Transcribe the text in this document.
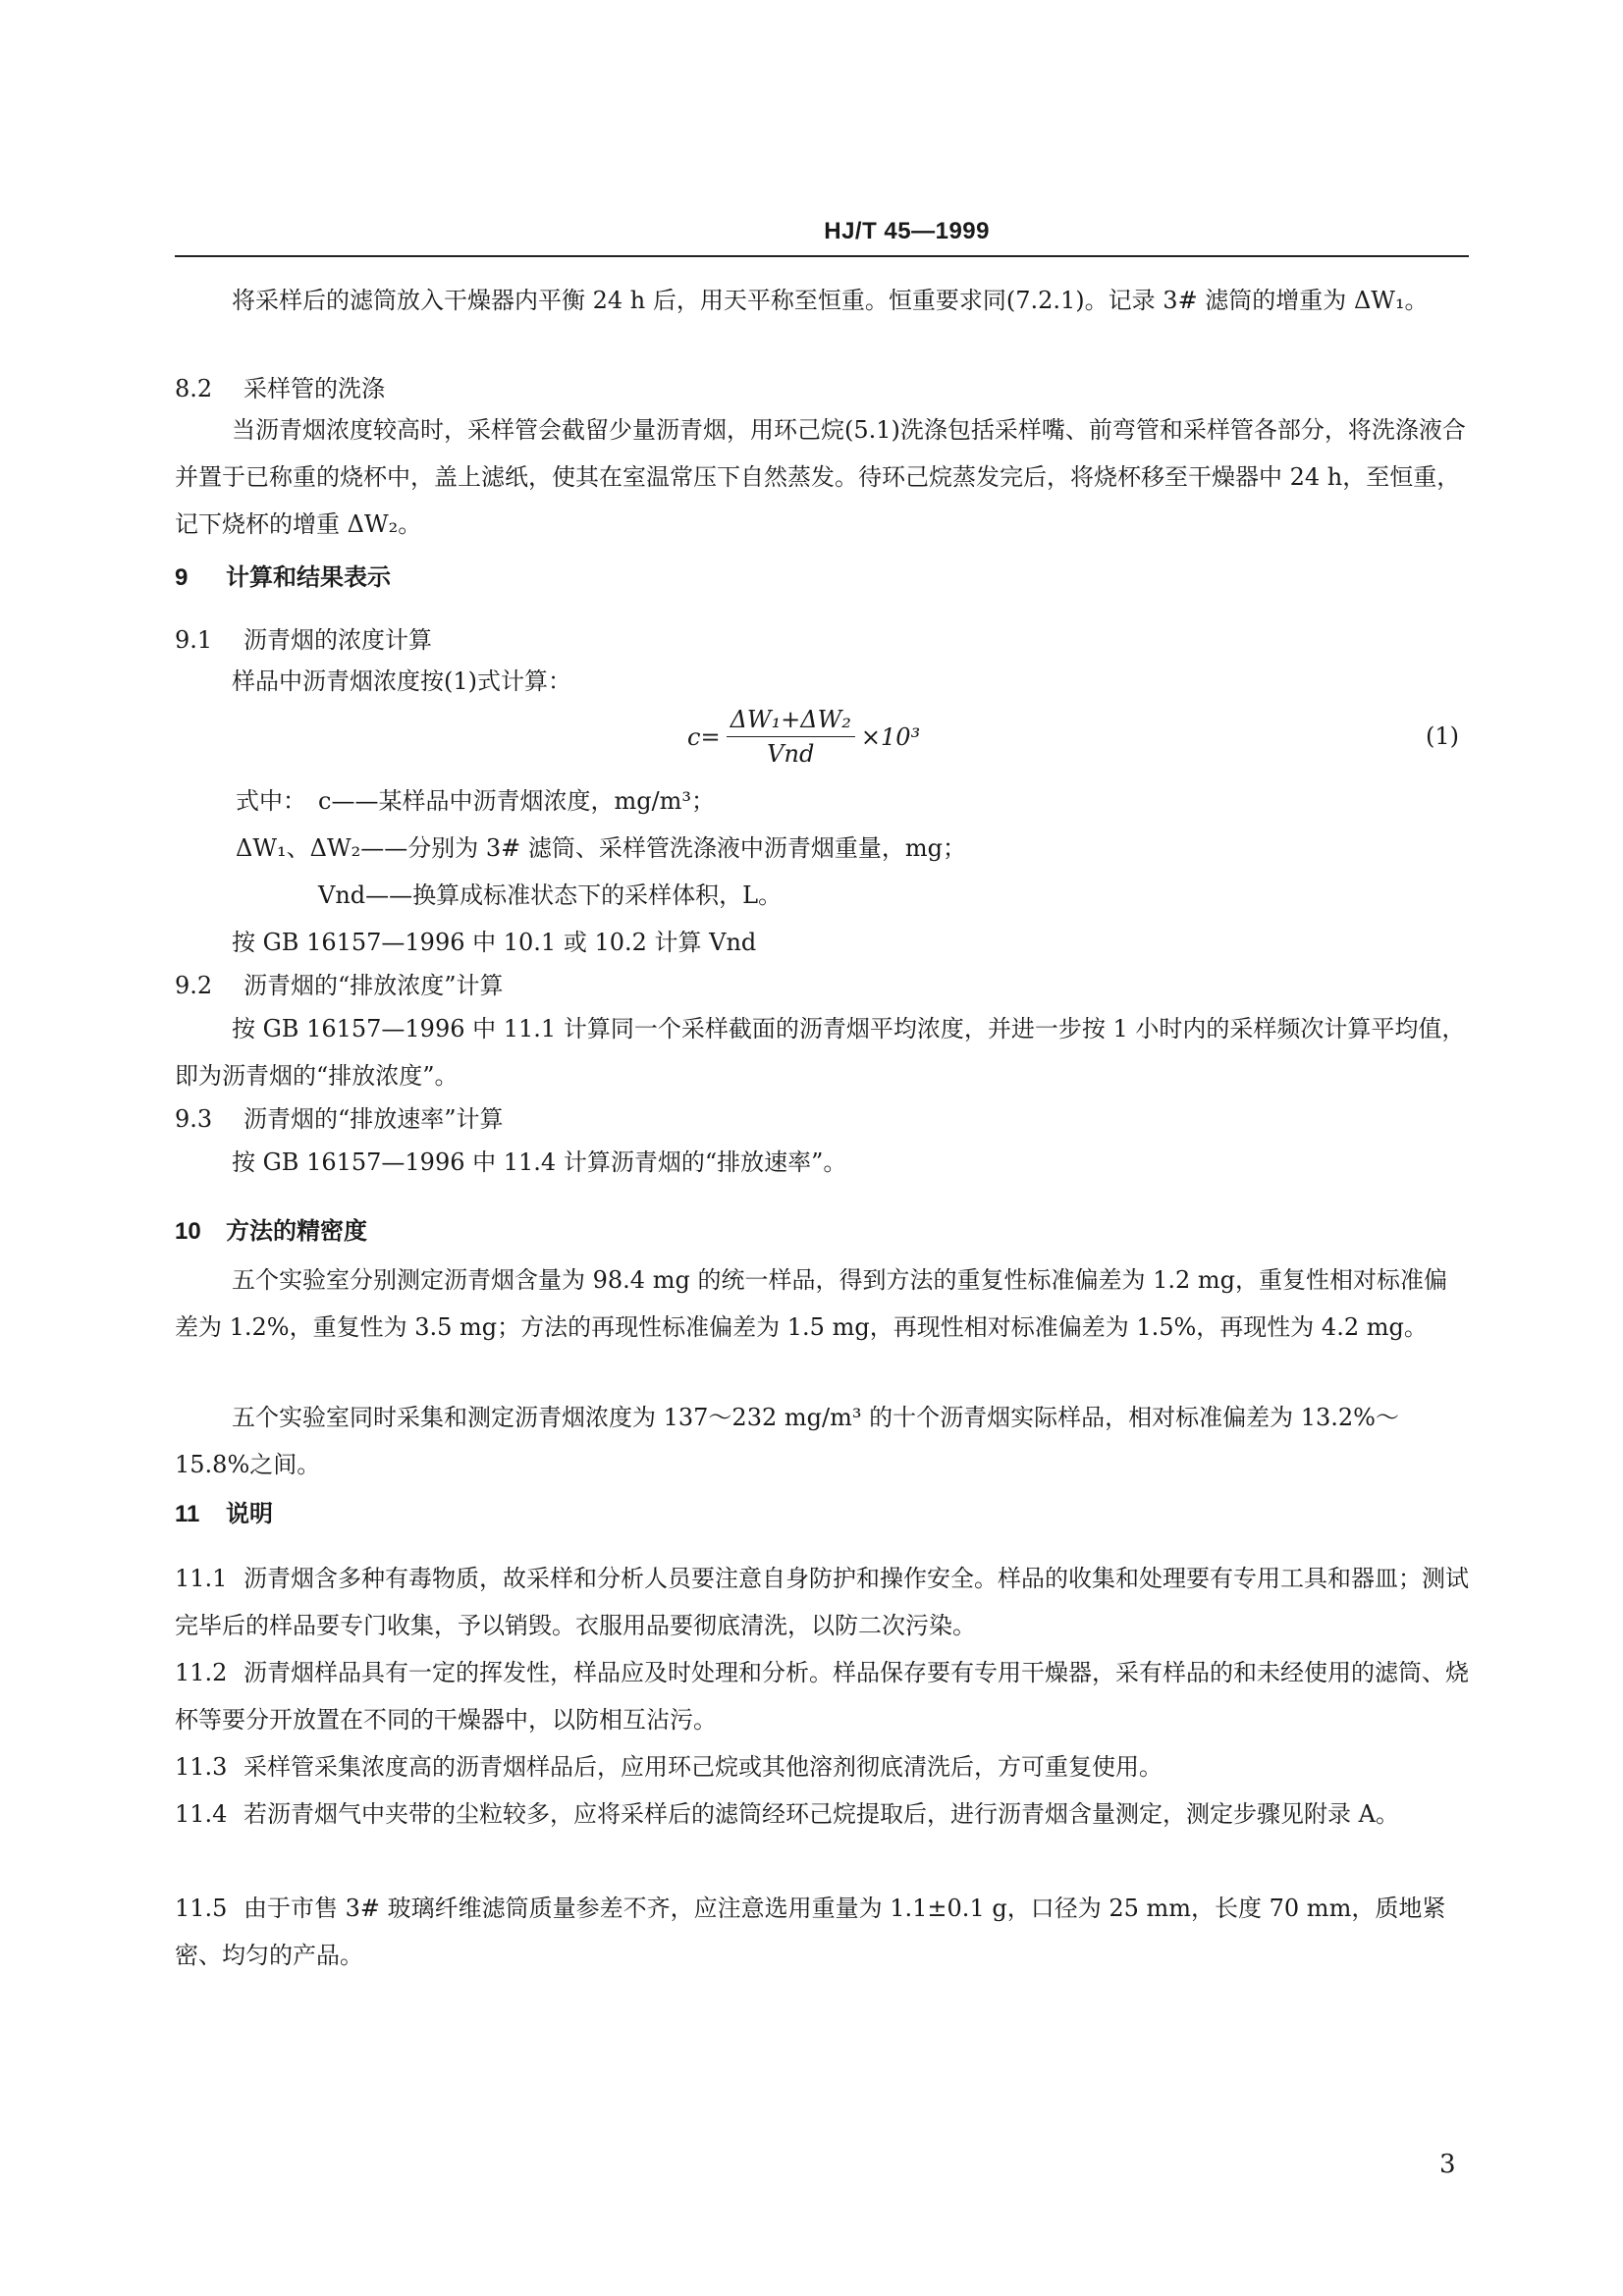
HJ/T 45—1999

将采样后的滤筒放入干燥器内平衡 24 h 后，用天平称至恒重。恒重要求同(7.2.1)。记录 3# 滤筒的增重为 ΔW₁。

8.2 采样管的洗涤

当沥青烟浓度较高时，采样管会截留少量沥青烟，用环己烷(5.1)洗涤包括采样嘴、前弯管和采样管各部分，将洗涤液合并置于已称重的烧杯中，盖上滤纸，使其在室温常压下自然蒸发。待环己烷蒸发完后，将烧杯移至干燥器中 24 h，至恒重，记下烧杯的增重 ΔW₂。

9 计算和结果表示

9.1 沥青烟的浓度计算

样品中沥青烟浓度按(1)式计算：

$c= \frac{\text{ΔW₁+ΔW₂}}{\text{Vnd}} \times 10^3$	(1)
式中：　c——某样品中沥青烟浓度，mg/m³；
ΔW₁、ΔW₂——分别为 3# 滤筒、采样管洗涤液中沥青烟重量，mg；
Vnd——换算成标准状态下的采样体积，L。

按 GB 16157—1996 中 10.1 或 10.2 计算 Vnd

9.2 沥青烟的“排放浓度”计算

按 GB 16157—1996 中 11.1 计算同一个采样截面的沥青烟平均浓度，并进一步按 1 小时内的采样频次计算平均值，即为沥青烟的“排放浓度”。

9.3 沥青烟的“排放速率”计算

按 GB 16157—1996 中 11.4 计算沥青烟的“排放速率”。

10 方法的精密度

五个实验室分别测定沥青烟含量为 98.4 mg 的统一样品，得到方法的重复性标准偏差为 1.2 mg，重复性相对标准偏差为 1.2%，重复性为 3.5 mg；方法的再现性标准偏差为 1.5 mg，再现性相对标准偏差为 1.5%，再现性为 4.2 mg。

五个实验室同时采集和测定沥青烟浓度为 137～232 mg/m³ 的十个沥青烟实际样品，相对标准偏差为 13.2%～15.8%之间。

11 说明

11.1 沥青烟含多种有毒物质，故采样和分析人员要注意自身防护和操作安全。样品的收集和处理要有专用工具和器皿；测试完毕后的样品要专门收集，予以销毁。衣服用品要彻底清洗，以防二次污染。

11.2 沥青烟样品具有一定的挥发性，样品应及时处理和分析。样品保存要有专用干燥器，采有样品的和未经使用的滤筒、烧杯等要分开放置在不同的干燥器中，以防相互沾污。

11.3 采样管采集浓度高的沥青烟样品后，应用环己烷或其他溶剂彻底清洗后，方可重复使用。

11.4 若沥青烟气中夹带的尘粒较多，应将采样后的滤筒经环己烷提取后，进行沥青烟含量测定，测定步骤见附录 A。

11.5 由于市售 3# 玻璃纤维滤筒质量参差不齐，应注意选用重量为 1.1±0.1 g，口径为 25 mm，长度 70 mm，质地紧密、均匀的产品。

3
